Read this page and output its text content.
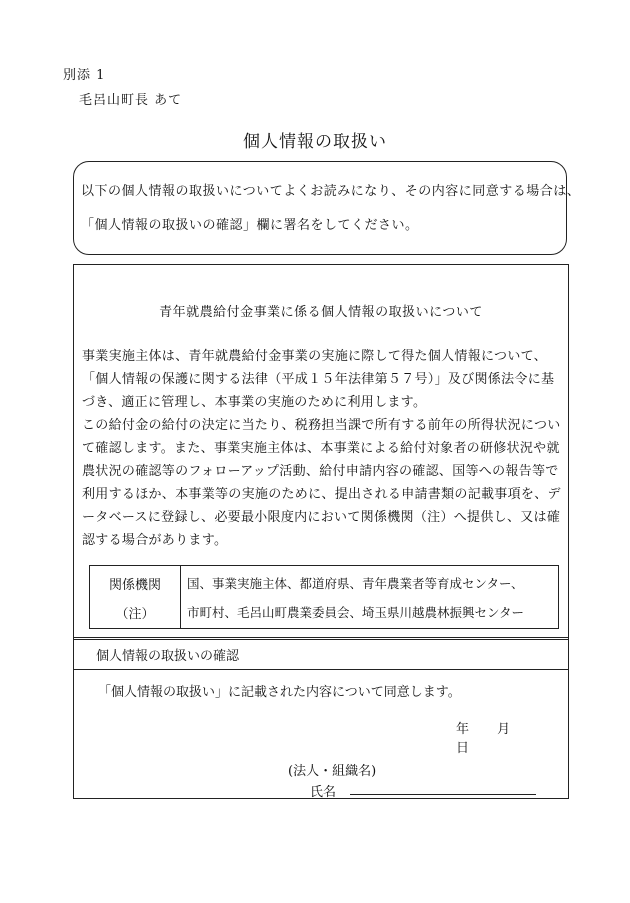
別添 1
毛呂山町長 あて
個人情報の取扱い

以下の個人情報の取扱いについてよくお読みになり、その内容に同意する場合は、

「個人情報の取扱いの確認」欄に署名をしてください。

青年就農給付金事業に係る個人情報の取扱いについて
事業実施主体は、青年就農給付金事業の実施に際して得た個人情報について、
「個人情報の保護に関する法律（平成１５年法律第５７号）」及び関係法令に基
づき、適正に管理し、本事業の実施のために利用します。
この給付金の給付の決定に当たり、税務担当課で所有する前年の所得状況につい
て確認します。また、事業実施主体は、本事業による給付対象者の研修状況や就
農状況の確認等のフォローアップ活動、給付申請内容の確認、国等への報告等で
利用するほか、本事業等の実施のために、提出される申請書類の記載事項を、デ
ータベースに登録し、必要最小限度内において関係機関（注）へ提供し、又は確
認する場合があります。
関係機関
（注）
国、事業実施主体、都道府県、青年農業者等育成センター、
市町村、毛呂山町農業委員会、埼玉県川越農林振興センター
個人情報の取扱いの確認
「個人情報の取扱い」に記載された内容について同意します。
年 月 日
(法人・組織名)
氏名
